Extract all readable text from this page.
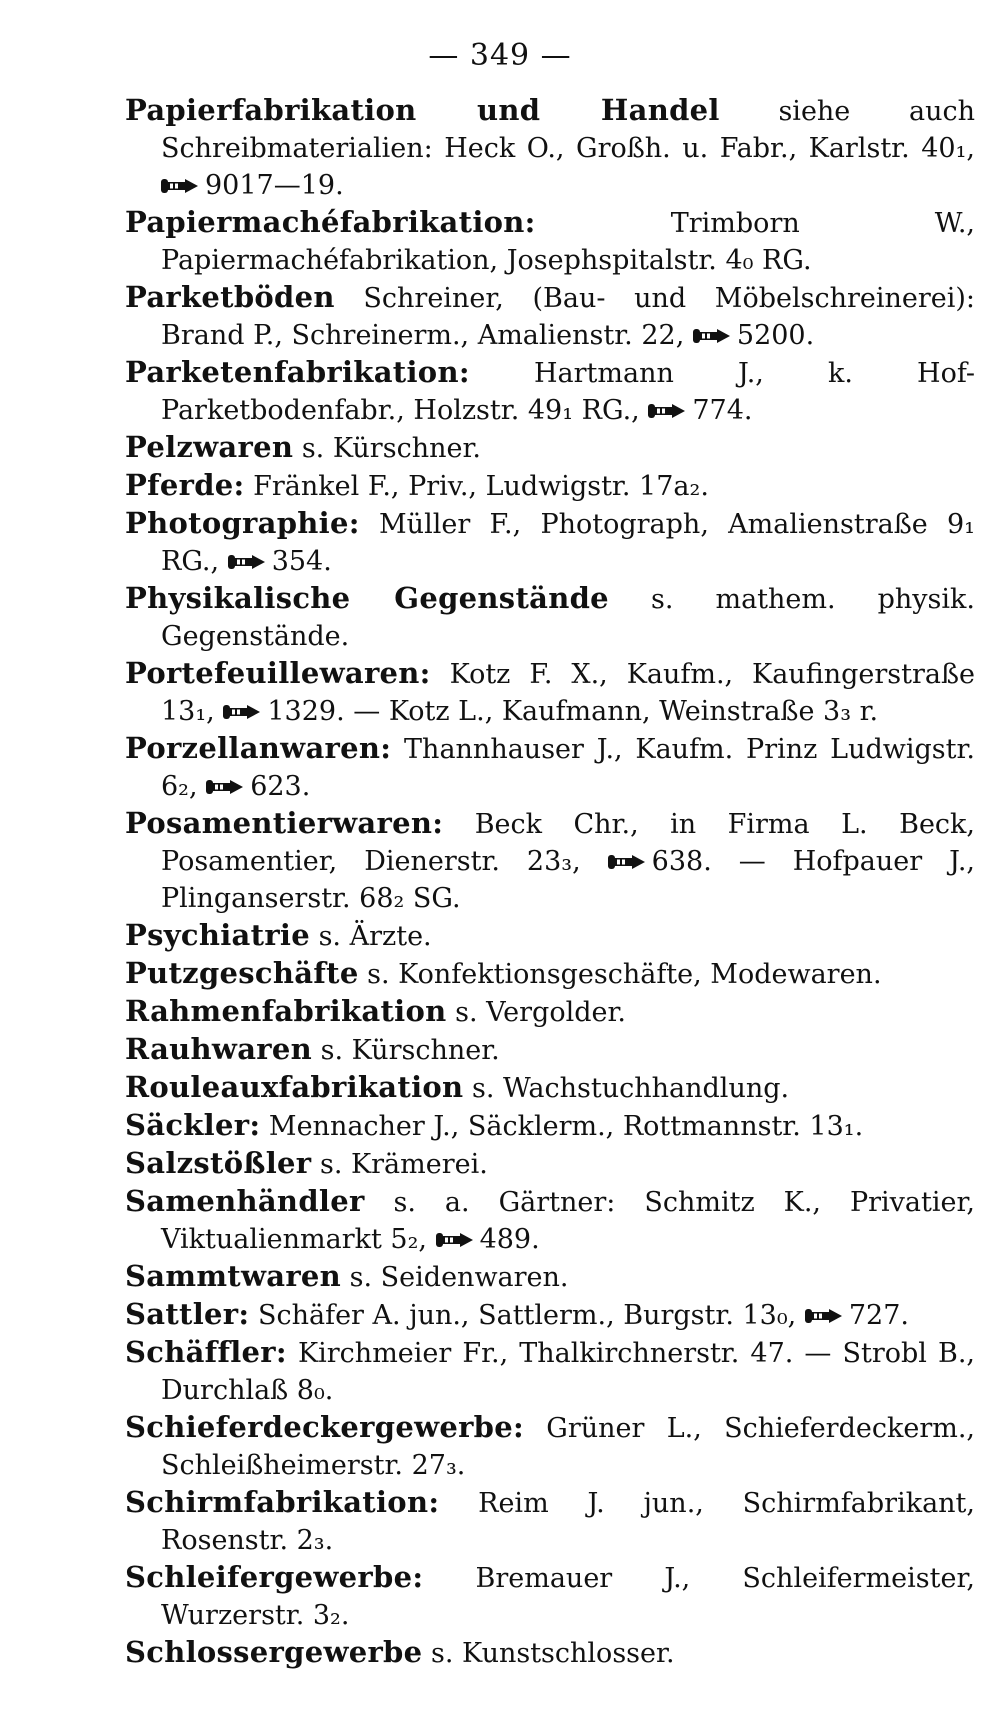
— 349 —

Papierfabrikation und Handel siehe auch Schreibmaterialien: Heck O., Großh. u. Fabr., Karlstr. 40₁, 9017—19.

Papiermachéfabrikation: Trimborn W., Papiermachéfabrikation, Josephspitalstr. 4₀ RG.

Parketböden Schreiner, (Bau- und Möbelschreinerei): Brand P., Schreinerm., Amalienstr. 22, 5200.

Parketenfabrikation: Hartmann J., k. Hof-Parketbodenfabr., Holzstr. 49₁ RG., 774.

Pelzwaren s. Kürschner.

Pferde: Fränkel F., Priv., Ludwigstr. 17a₂.

Photographie: Müller F., Photograph, Amalienstraße 9₁ RG., 354.

Physikalische Gegenstände s. mathem. physik. Gegenstände.

Portefeuillewaren: Kotz F. X., Kaufm., Kaufingerstraße 13₁, 1329. — Kotz L., Kaufmann, Weinstraße 3₃ r.

Porzellanwaren: Thannhauser J., Kaufm. Prinz Ludwigstr. 6₂, 623.

Posamentierwaren: Beck Chr., in Firma L. Beck, Posamentier, Dienerstr. 23₃,	638. — Hofpauer J., Plinganserstr. 68₂ SG.

Psychiatrie s. Ärzte.

Putzgeschäfte s. Konfektionsgeschäfte, Modewaren.

Rahmenfabrikation s. Vergolder.

Rauhwaren s. Kürschner.

Rouleauxfabrikation s. Wachstuchhandlung.

Säckler: Mennacher J., Säcklerm., Rottmannstr. 13₁.

Salzstößler s. Krämerei.

Samenhändler s. a. Gärtner: Schmitz K., Privatier, Viktualienmarkt 5₂, 489.

Sammtwaren s. Seidenwaren.

Sattler: Schäfer A. jun., Sattlerm., Burgstr. 13₀, 727.

Schäffler: Kirchmeier Fr., Thalkirchnerstr. 47. — Strobl B., Durchlaß 8₀.

Schieferdeckergewerbe: Grüner L., Schieferdeckerm., Schleißheimerstr. 27₃.

Schirmfabrikation: Reim J. jun., Schirmfabrikant, Rosenstr. 2₃.

Schleifergewerbe: Bremauer J., Schleifermeister, Wurzerstr. 3₂.

Schlossergewerbe s. Kunstschlosser.
